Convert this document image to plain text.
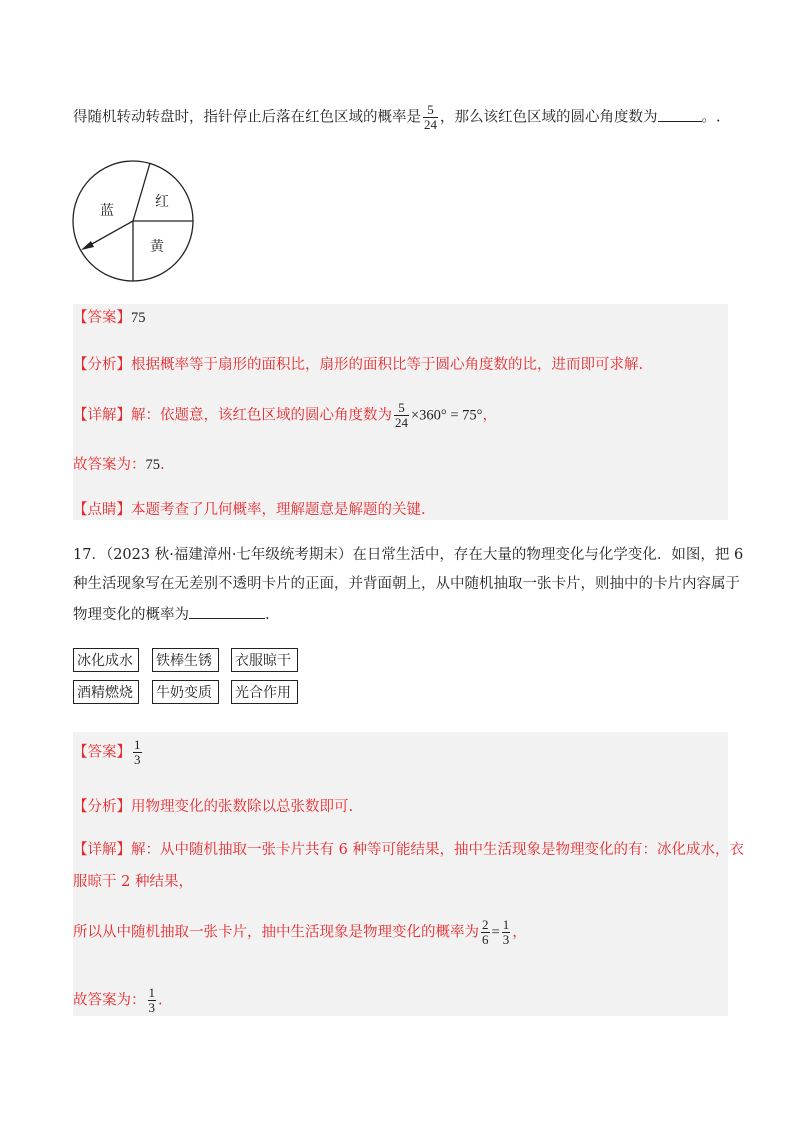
得随机转动转盘时，指针停止后落在红色区域的概率是 $\frac{5}{24}$ ，那么该红色区域的圆心角度数为	。.
蓝
红
黄
【答案】75
【分析】根据概率等于扇形的面积比，扇形的面积比等于圆心角度数的比，进而即可求解.
【详解】解：依题意，该红色区域的圆心角度数为 $\frac{5}{24} \times 360^\circ = 75^\circ$，
故答案为：75.
【点睛】本题考查了几何概率，理解题意是解题的关键.
17．（2023 秋·福建漳州·七年级统考期末）在日常生活中，存在大量的物理变化与化学变化．如图，把 6
种生活现象写在无差别不透明卡片的正面，并背面朝上，从中随机抽取一张卡片，则抽中的卡片内容属于
物理变化的概率为	.
冰化成水	铁棒生锈	衣服晾干
酒精燃烧	牛奶变质	光合作用
【答案】 $\frac{1}{3}$
【分析】用物理变化的张数除以总张数即可.
【详解】解：从中随机抽取一张卡片共有 6 种等可能结果，抽中生活现象是物理变化的有：冰化成水，衣
服晾干 2 种结果，
所以从中随机抽取一张卡片，抽中生活现象是物理变化的概率为 $\frac{2}{6} = \frac{1}{3}$ ，
故答案为： $\frac{1}{3}$ .
